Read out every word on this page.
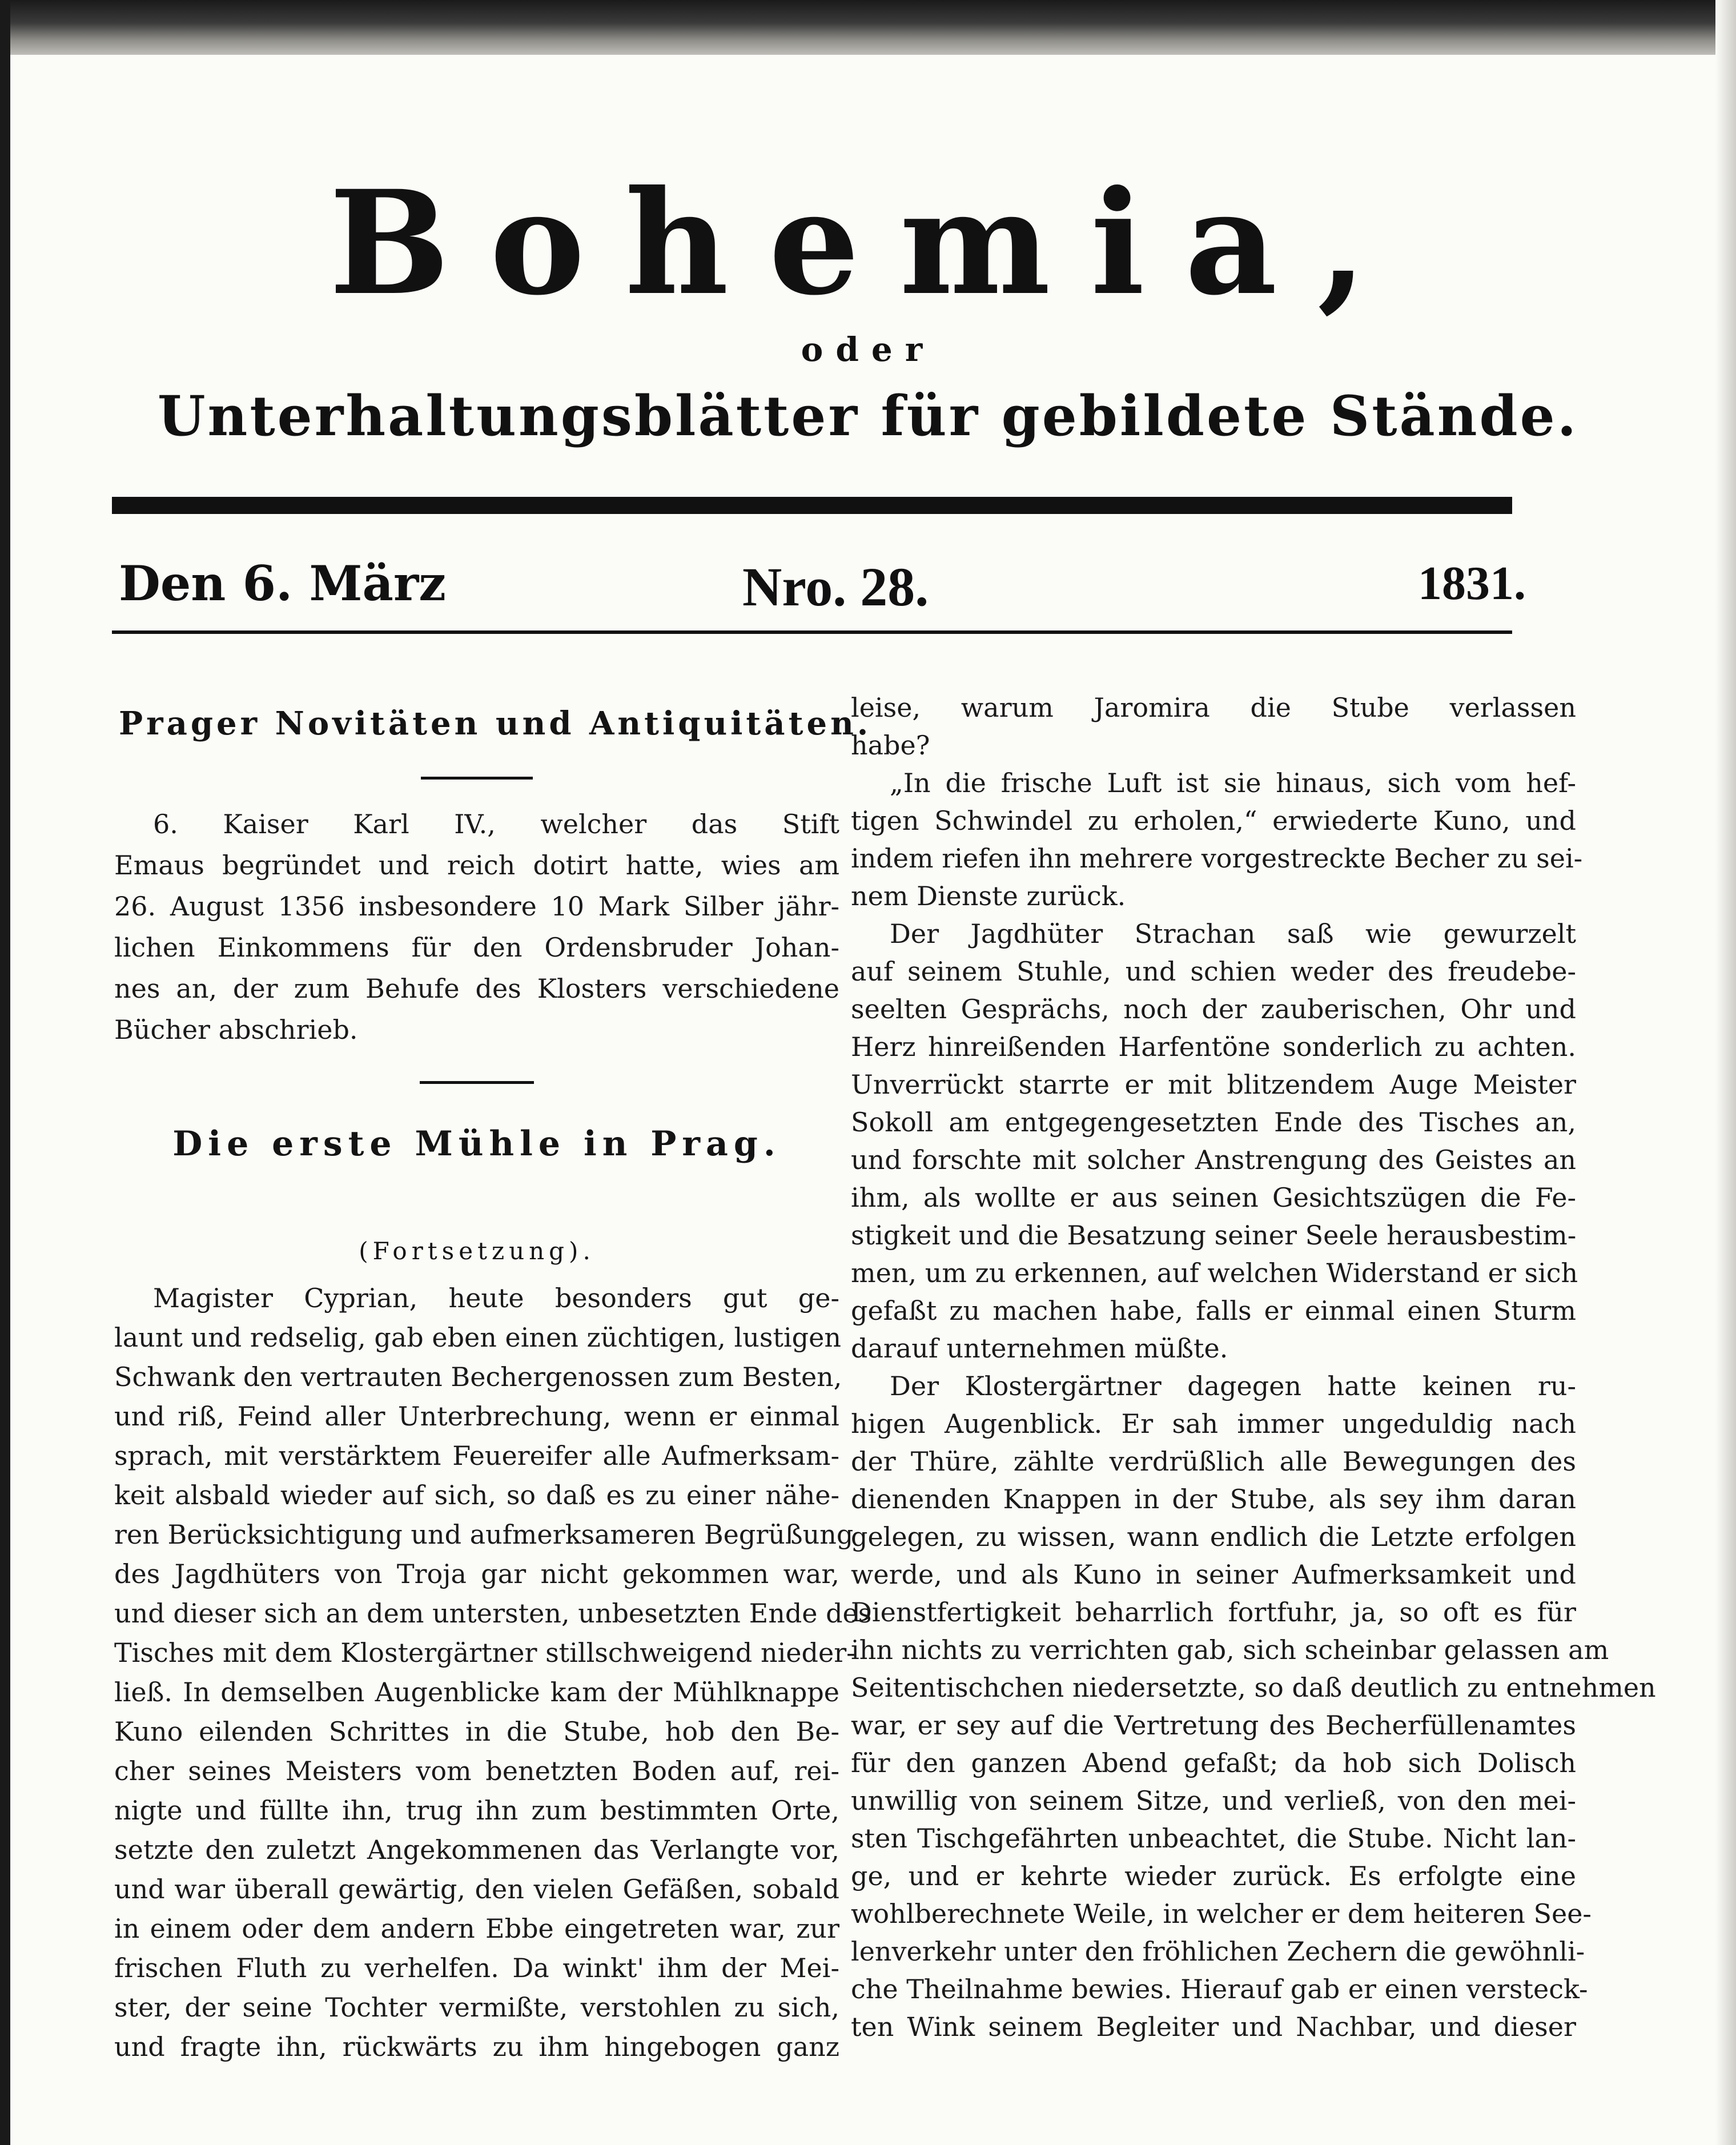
Bohemia,
oder
Unterhaltungsblätter für gebildete Stände.
Den 6. März	Nro. 28.	1831.
Prager Novitäten und Antiquitäten.
6. Kaiser Karl IV., welcher das Stift
Emaus begründet und reich dotirt hatte, wies am
26. August 1356 insbesondere 10 Mark Silber jähr-
lichen Einkommens für den Ordensbruder Johan-
nes an, der zum Behufe des Klosters verschiedene
Bücher abschrieb.
Die erste Mühle in Prag.
(Fortsetzung).
Magister Cyprian, heute besonders gut ge-
launt und redselig, gab eben einen züchtigen, lustigen
Schwank den vertrauten Bechergenossen zum Besten,
und riß, Feind aller Unterbrechung, wenn er einmal
sprach, mit verstärktem Feuereifer alle Aufmerksam-
keit alsbald wieder auf sich, so daß es zu einer nähe-
ren Berücksichtigung und aufmerksameren Begrüßung
des Jagdhüters von Troja gar nicht gekommen war,
und dieser sich an dem untersten, unbesetzten Ende des
Tisches mit dem Klostergärtner stillschweigend nieder-
ließ. In demselben Augenblicke kam der Mühlknappe
Kuno eilenden Schrittes in die Stube, hob den Be-
cher seines Meisters vom benetzten Boden auf, rei-
nigte und füllte ihn, trug ihn zum bestimmten Orte,
setzte den zuletzt Angekommenen das Verlangte vor,
und war überall gewärtig, den vielen Gefäßen, sobald
in einem oder dem andern Ebbe eingetreten war, zur
frischen Fluth zu verhelfen. Da winkt' ihm der Mei-
ster, der seine Tochter vermißte, verstohlen zu sich,
und fragte ihn, rückwärts zu ihm hingebogen ganz
leise, warum Jaromira die Stube verlassen
habe?
„In die frische Luft ist sie hinaus, sich vom hef-
tigen Schwindel zu erholen,“ erwiederte Kuno, und
indem riefen ihn mehrere vorgestreckte Becher zu sei-
nem Dienste zurück.
Der Jagdhüter Strachan saß wie gewurzelt
auf seinem Stuhle, und schien weder des freudebe-
seelten Gesprächs, noch der zauberischen, Ohr und
Herz hinreißenden Harfentöne sonderlich zu achten.
Unverrückt starrte er mit blitzendem Auge Meister
Sokoll am entgegengesetzten Ende des Tisches an,
und forschte mit solcher Anstrengung des Geistes an
ihm, als wollte er aus seinen Gesichtszügen die Fe-
stigkeit und die Besatzung seiner Seele herausbestim-
men, um zu erkennen, auf welchen Widerstand er sich
gefaßt zu machen habe, falls er einmal einen Sturm
darauf unternehmen müßte.
Der Klostergärtner dagegen hatte keinen ru-
higen Augenblick. Er sah immer ungeduldig nach
der Thüre, zählte verdrüßlich alle Bewegungen des
dienenden Knappen in der Stube, als sey ihm daran
gelegen, zu wissen, wann endlich die Letzte erfolgen
werde, und als Kuno in seiner Aufmerksamkeit und
Dienstfertigkeit beharrlich fortfuhr, ja, so oft es für
ihn nichts zu verrichten gab, sich scheinbar gelassen am
Seitentischchen niedersetzte, so daß deutlich zu entnehmen
war, er sey auf die Vertretung des Becherfüllenamtes
für den ganzen Abend gefaßt; da hob sich Dolisch
unwillig von seinem Sitze, und verließ, von den mei-
sten Tischgefährten unbeachtet, die Stube. Nicht lan-
ge, und er kehrte wieder zurück. Es erfolgte eine
wohlberechnete Weile, in welcher er dem heiteren See-
lenverkehr unter den fröhlichen Zechern die gewöhnli-
che Theilnahme bewies. Hierauf gab er einen versteck-
ten Wink seinem Begleiter und Nachbar, und dieser
